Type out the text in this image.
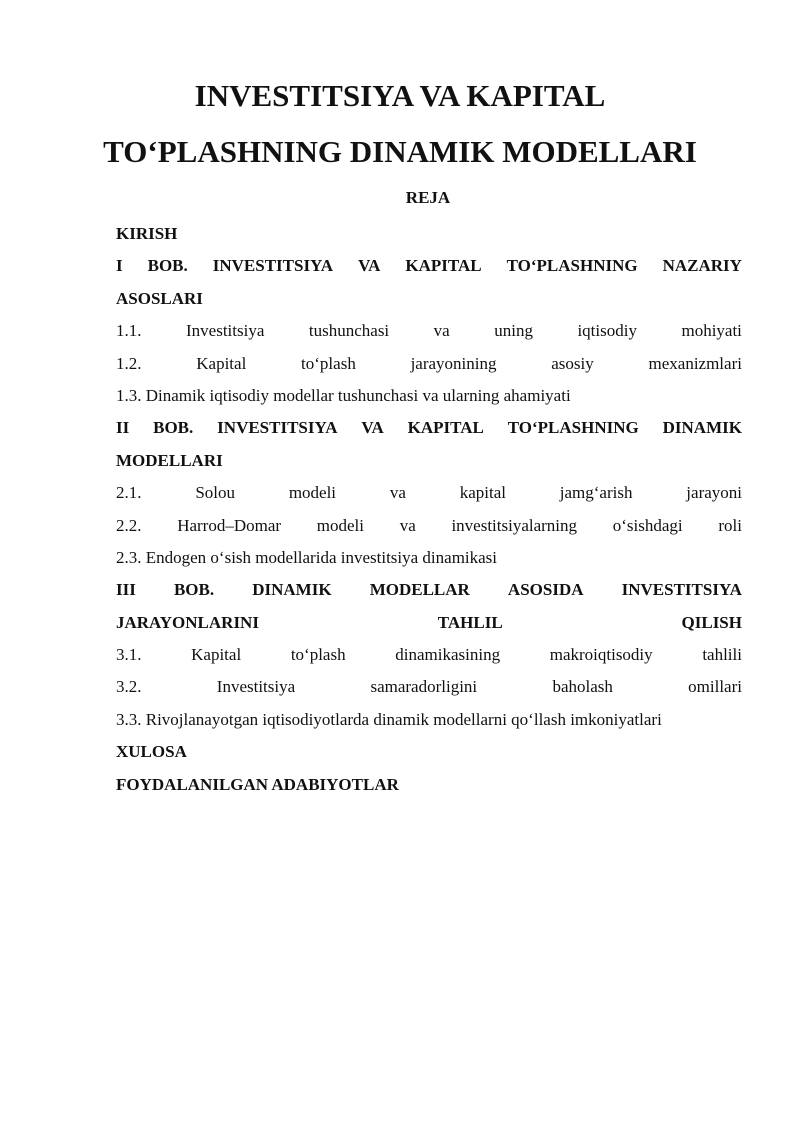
INVESTITSIYA VA KAPITAL
TO‘PLASHNING DINAMIK MODELLARI
REJA
KIRISH
I BOB. INVESTITSIYA VA KAPITAL TO‘PLASHNING NAZARIY
ASOSLARI
1.1.	Investitsiya	tushunchasi	va	uning	iqtisodiy	mohiyati
1.2.	Kapital	to‘plash	jarayonining	asosiy	mexanizmlari
1.3. Dinamik iqtisodiy modellar tushunchasi va ularning ahamiyati
II BOB. INVESTITSIYA VA KAPITAL TO‘PLASHNING DINAMIK
MODELLARI
2.1.	Solou	modeli	va	kapital	jamg‘arish	jarayoni
2.2. Harrod–Domar modeli va investitsiyalarning o‘sishdagi roli
2.3. Endogen o‘sish modellarida investitsiya dinamikasi
III BOB. DINAMIK MODELLAR ASOSIDA INVESTITSIYA
JARAYONLARINI	TAHLIL	QILISH
3.1.	Kapital	to‘plash	dinamikasining	makroiqtisodiy	tahlili
3.2.	Investitsiya	samaradorligini	baholash	omillari
3.3. Rivojlanayotgan iqtisodiyotlarda dinamik modellarni qo‘llash imkoniyatlari
XULOSA
FOYDALANILGAN ADABIYOTLAR
